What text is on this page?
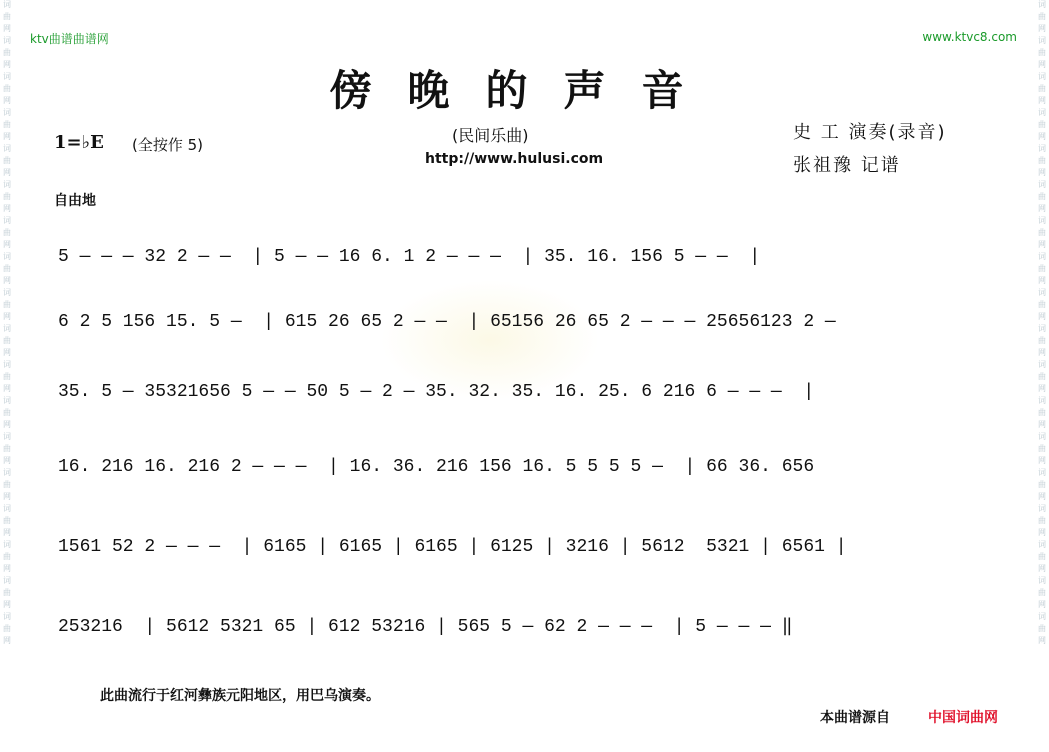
词
曲
网
词
曲
网
词
曲
网
词
曲
网
词
曲
网
词
曲
网
词
曲
网
词
曲
网
词
曲
网
词
曲
网
词
曲
网
词
曲
网
词
曲
网
词
曲
网
词
曲
网
词
曲
网
词
曲
网
词
曲
网
词
曲
网
词
曲
网
词
曲
网
词
曲
网
词
曲
网
词
曲
网
词
曲
网
词
曲
网
词
曲
网
词
曲
网
词
曲
网
词
曲
网
词
曲
网
词
曲
网
词
曲
网
词
曲
网
词
曲
网
词
曲
网
ktv曲谱曲谱网	www.ktvc8.com
傍晚的声音
1=♭E (全按作 5)	(民间乐曲)
http://www.hulusi.com
史 工 演奏(录音)
张祖豫 记谱
自由地
5 — — — 32 2 — —  | 5 — — 16 6. 1 2 — — —  | 35. 16. 156 5 — —  |
6 2 5 156 15. 5 —  | 615 26 65 2 — —  | 65156 26 65 2 — — — 25656123 2 —
35. 5 — 35321656 5 — — 50 5 — 2 — 35. 32. 35. 16. 25. 6 216 6 — — —  |
16. 216 16. 216 2 — — —  | 16. 36. 216 156 16. 5 5 5 5 —  | 66 36. 656
1561 52 2 — — —  | 6165 | 6165 | 6165 | 6125 | 3216 | 5612  5321 | 6561 |
253216  | 5612 5321 65 | 612 53216 | 565 5 — 62 2 — — —  | 5 — — — ‖
此曲流行于红河彝族元阳地区，用巴乌演奏。
本曲谱源自	中国词曲网
